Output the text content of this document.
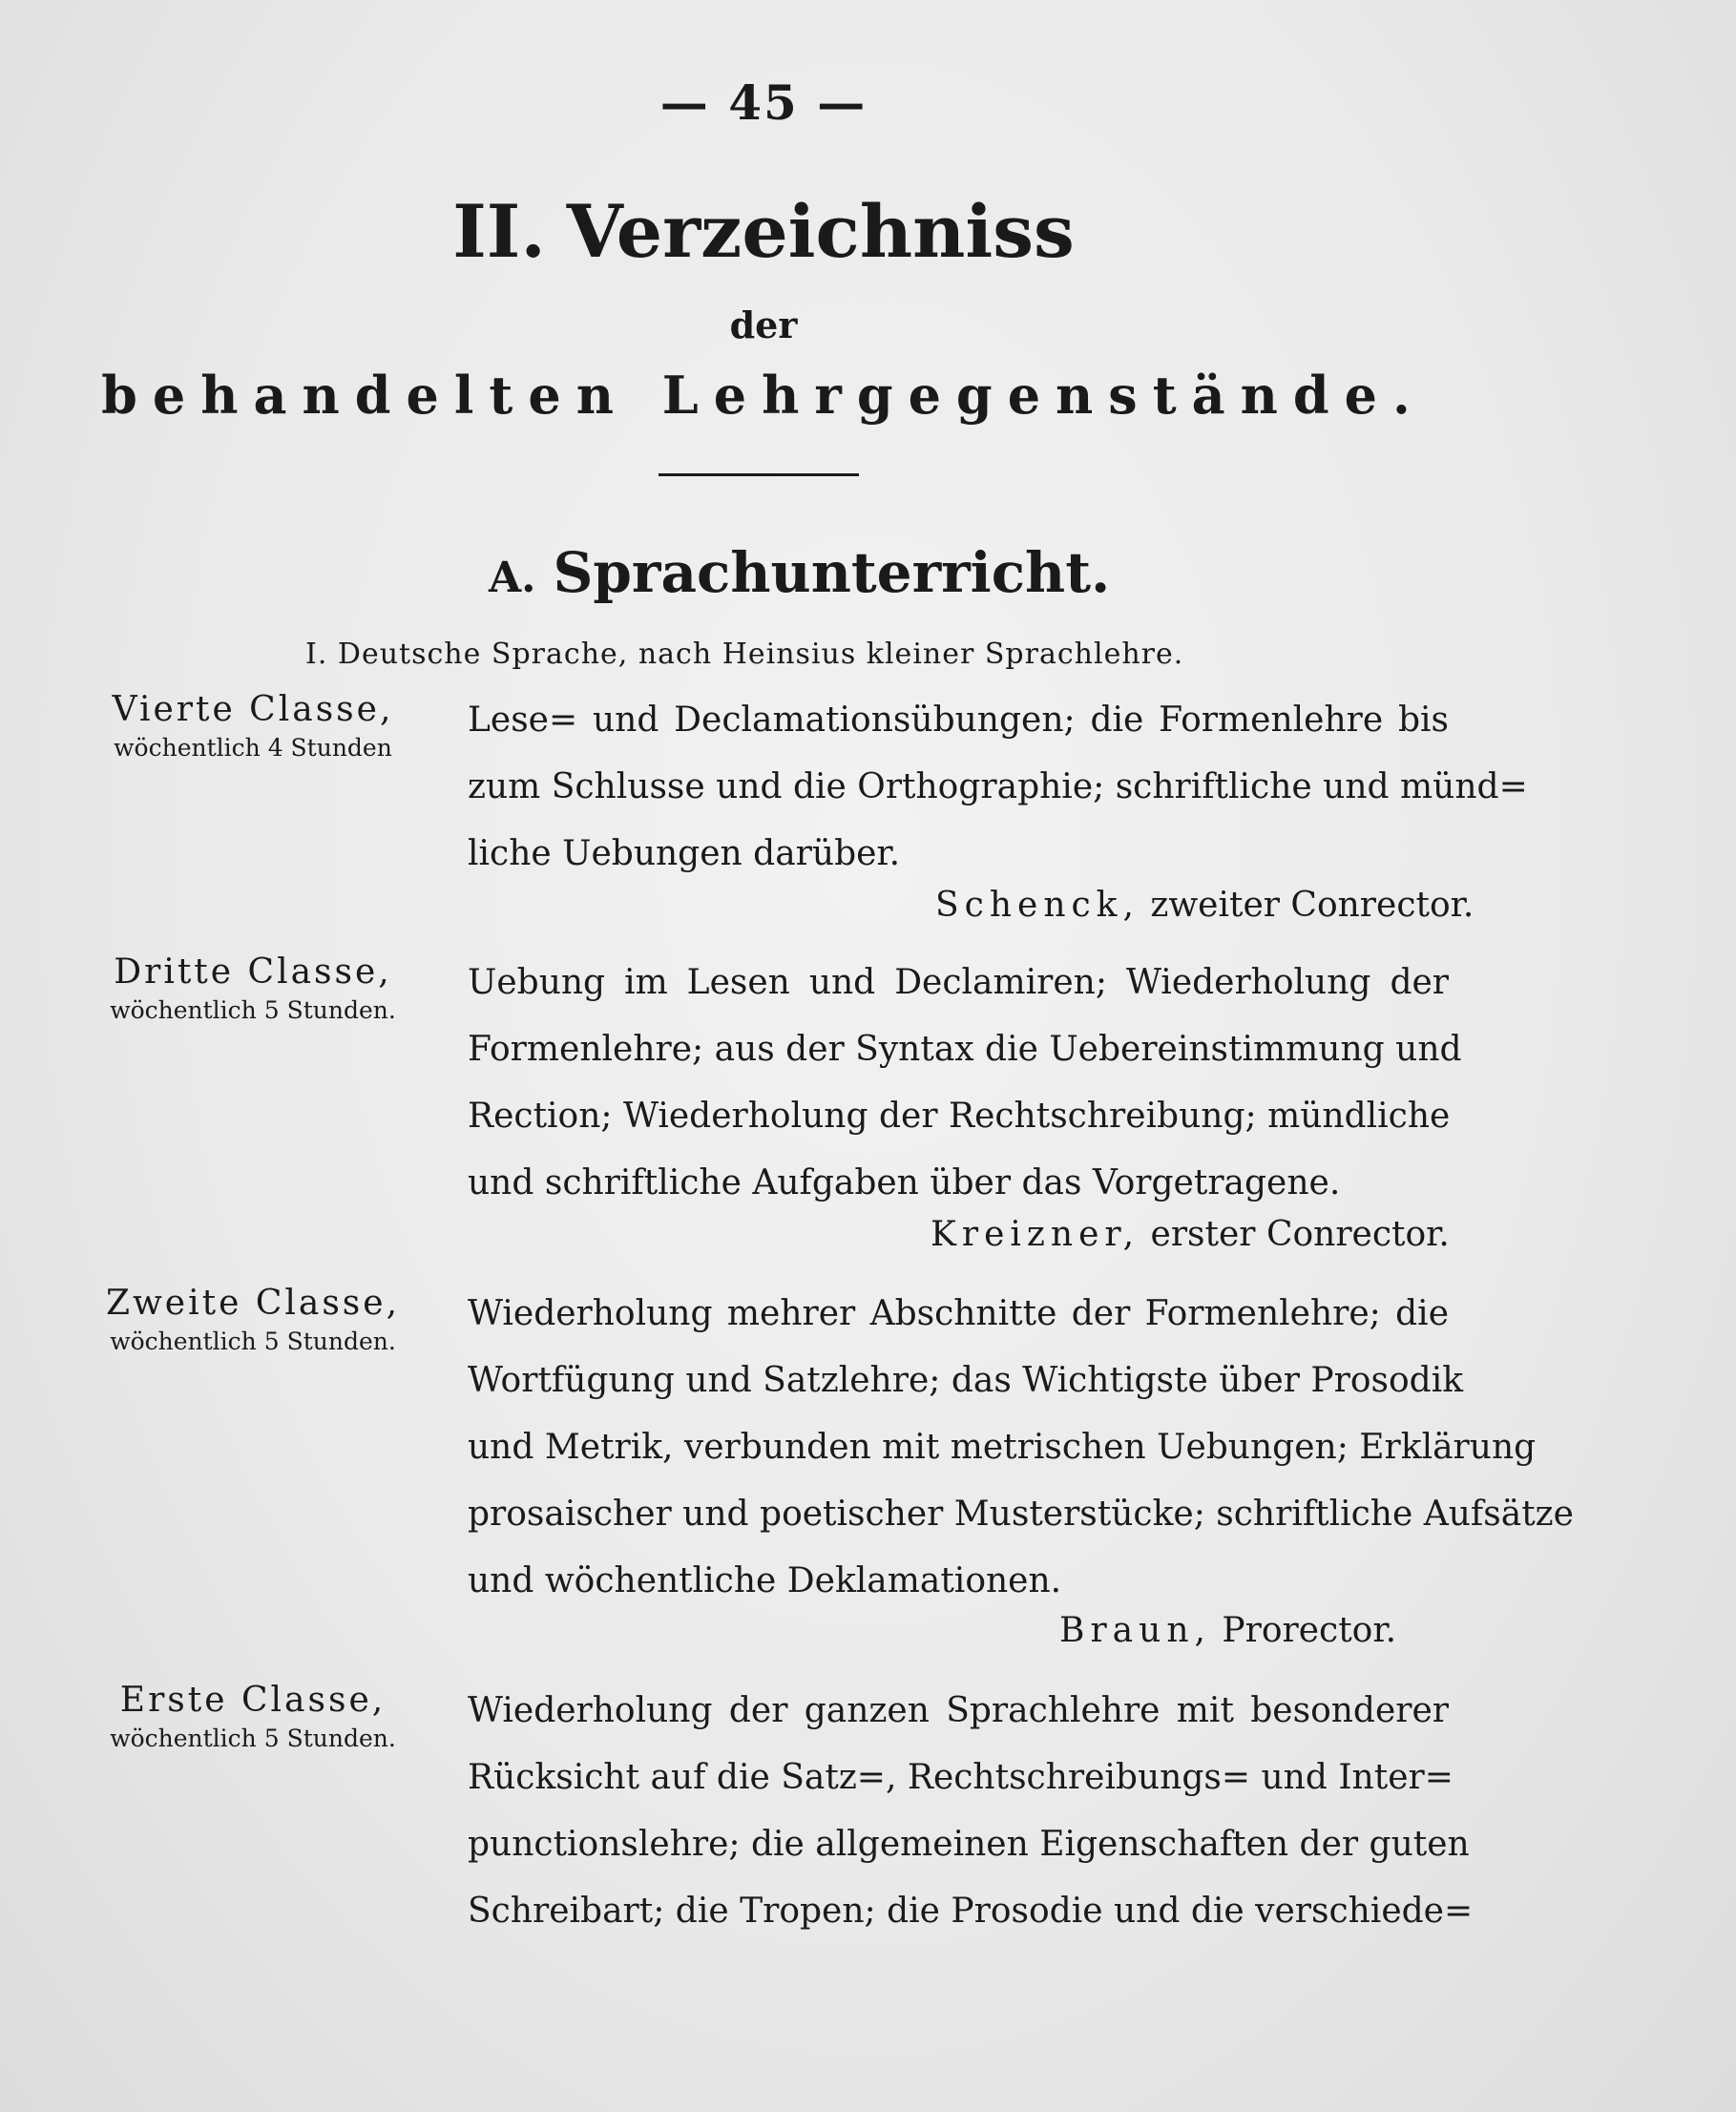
— 45 —
II. Verzeichniss
der
behandelten Lehrgegenstände.
A. Sprachunterricht.
I. Deutsche Sprache, nach Heinsius kleiner Sprachlehre.
Vierte Classe,
wöchentlich 4 Stunden
Lese= und Declamationsübungen; die Formenlehre bis
zum Schlusse und die Orthographie; schriftliche und münd=
liche Uebungen darüber.
Schenck, zweiter Conrector.
Dritte Classe,
wöchentlich 5 Stunden.
Uebung im Lesen und Declamiren; Wiederholung der
Formenlehre; aus der Syntax die Uebereinstimmung und
Rection; Wiederholung der Rechtschreibung; mündliche
und schriftliche Aufgaben über das Vorgetragene.
Kreizner, erster Conrector.
Zweite Classe,
wöchentlich 5 Stunden.
Wiederholung mehrer Abschnitte der Formenlehre; die
Wortfügung und Satzlehre; das Wichtigste über Prosodik
und Metrik, verbunden mit metrischen Uebungen; Erklärung
prosaischer und poetischer Musterstücke; schriftliche Aufsätze
und wöchentliche Deklamationen.
Braun, Prorector.
Erste Classe,
wöchentlich 5 Stunden.
Wiederholung der ganzen Sprachlehre mit besonderer
Rücksicht auf die Satz=, Rechtschreibungs= und Inter=
punctionslehre; die allgemeinen Eigenschaften der guten
Schreibart; die Tropen; die Prosodie und die verschiede=
